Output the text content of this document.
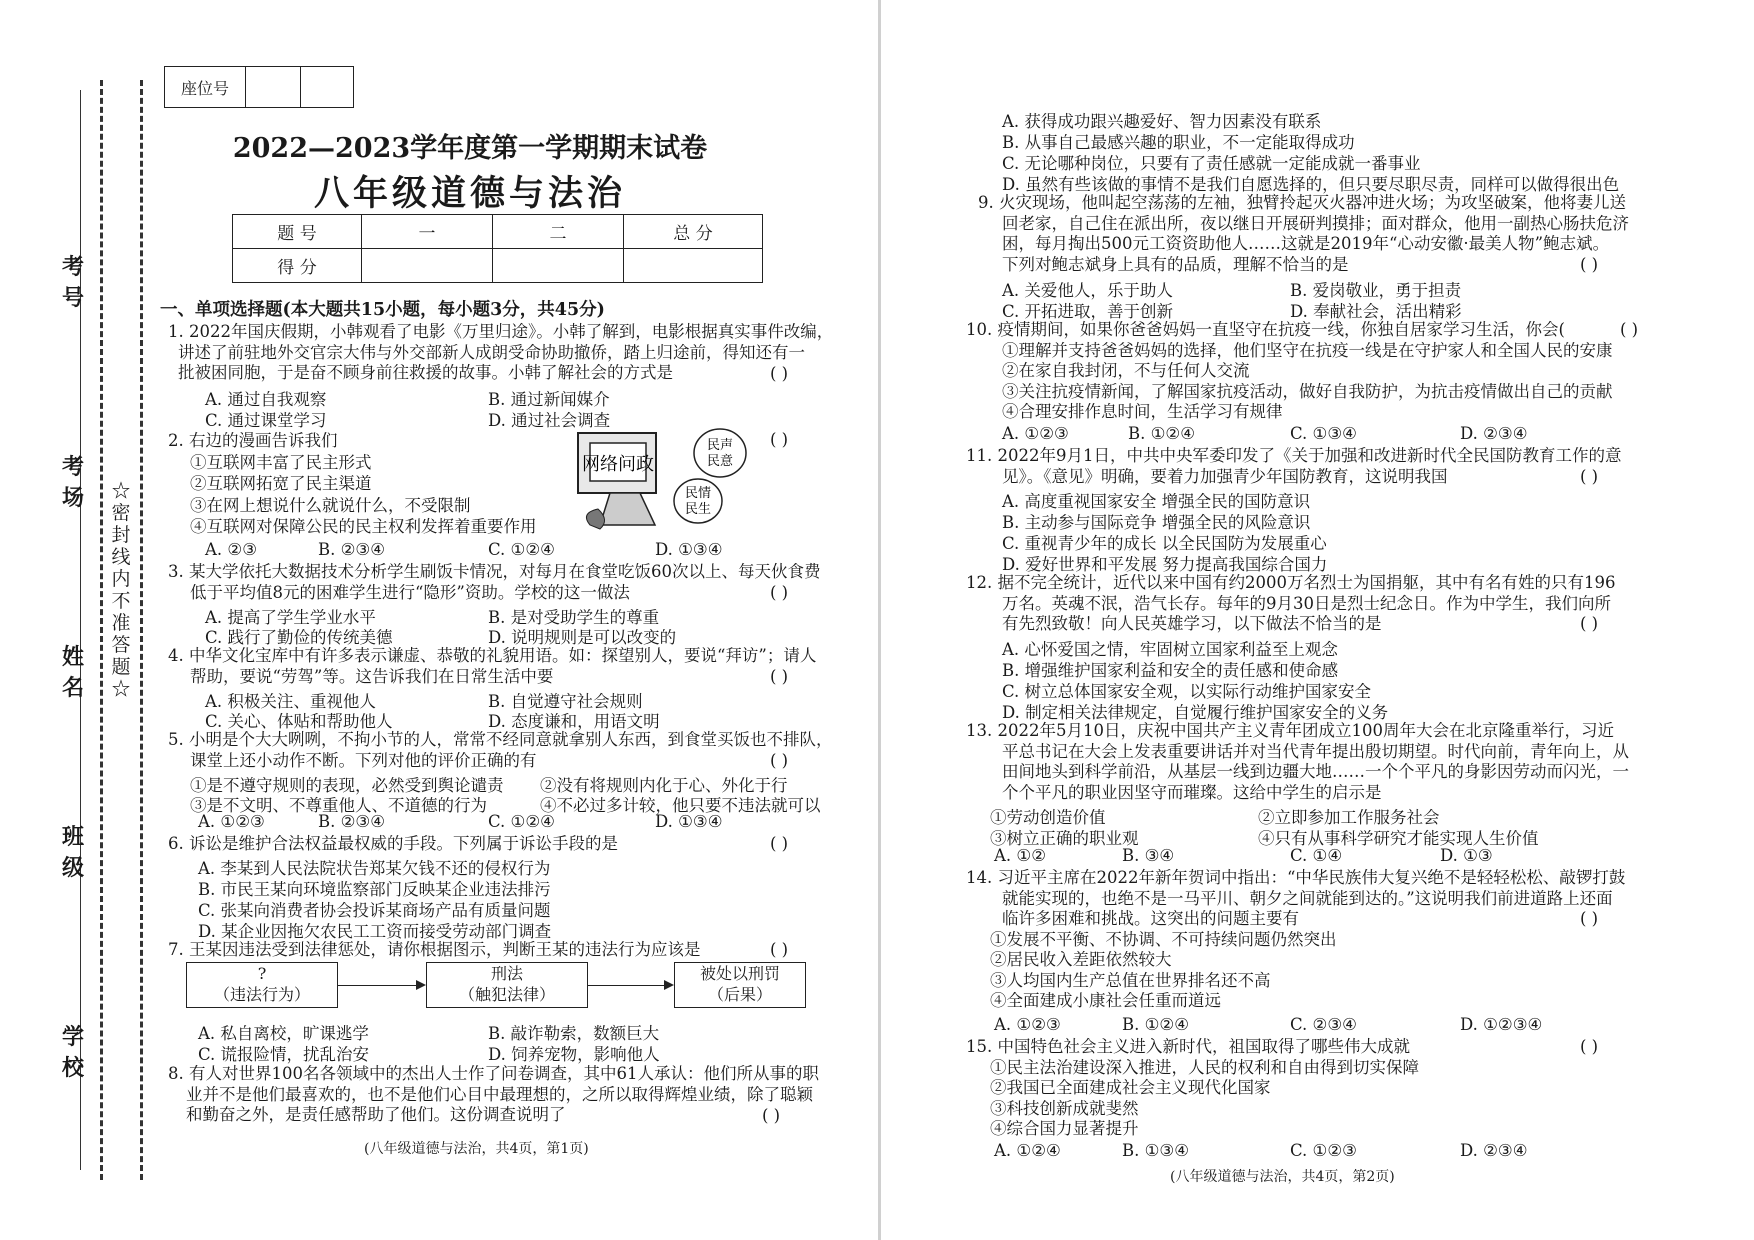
考号
考场
姓名
班级
学校
☆密封线内不准答题☆
座位号		
2022—2023学年度第一学期期末试卷
八年级道德与法治
题 号	一	二	总 分
得 分			
一、单项选择题(本大题共15小题，每小题3分，共45分)
1. 2022年国庆假期，小韩观看了电影《万里归途》。小韩了解到，电影根据真实事件改编，
讲述了前驻地外交官宗大伟与外交部新人成朗受命协助撤侨，踏上归途前，得知还有一
批被困同胞，于是奋不顾身前往救援的故事。小韩了解社会的方式是	( )
A. 通过自我观察	B. 通过新闻媒介
C. 通过课堂学习	D. 通过社会调查
2. 右边的漫画告诉我们
①互联网丰富了民主形式
②互联网拓宽了民主渠道
③在网上想说什么就说什么，不受限制
④互联网对保障公民的民主权利发挥着重要作用
( )
网络问政
民声
民意
民情
民生
A. ②③	B. ②③④	C. ①②④	D. ①③④
3. 某大学依托大数据技术分析学生刷饭卡情况，对每月在食堂吃饭60次以上、每天伙食费
低于平均值8元的困难学生进行“隐形”资助。学校的这一做法	( )
A. 提高了学生学业水平	B. 是对受助学生的尊重
C. 践行了勤俭的传统美德	D. 说明规则是可以改变的
4. 中华文化宝库中有许多表示谦虚、恭敬的礼貌用语。如：探望别人，要说“拜访”；请人
帮助，要说“劳驾”等。这告诉我们在日常生活中要	( )
A. 积极关注、重视他人	B. 自觉遵守社会规则
C. 关心、体贴和帮助他人	D. 态度谦和，用语文明
5. 小明是个大大咧咧，不拘小节的人，常常不经同意就拿别人东西，到食堂买饭也不排队，
课堂上还小动作不断。下列对他的评价正确的有	( )
①是不遵守规则的表现，必然受到舆论谴责 ②没有将规则内化于心、外化于行
③是不文明、不尊重他人、不道德的行为	④不必过多计较，他只要不违法就可以
A. ①②③	B. ②③④	C. ①②④	D. ①③④
6. 诉讼是维护合法权益最权威的手段。下列属于诉讼手段的是	( )
A. 李某到人民法院状告郑某欠钱不还的侵权行为
B. 市民王某向环境监察部门反映某企业违法排污
C. 张某向消费者协会投诉某商场产品有质量问题
D. 某企业因拖欠农民工工资而接受劳动部门调查
7. 王某因违法受到法律惩处，请你根据图示，判断王某的违法行为应该是	( )
?
（违法行为）
刑法
（触犯法律）
被处以刑罚
（后果）
A. 私自离校，旷课逃学	B. 敲诈勒索，数额巨大
C. 谎报险情，扰乱治安	D. 饲养宠物，影响他人
8. 有人对世界100名各领域中的杰出人士作了问卷调查，其中61人承认：他们所从事的职
业并不是他们最喜欢的，也不是他们心目中最理想的，之所以取得辉煌业绩，除了聪颖
和勤奋之外，是责任感帮助了他们。这份调查说明了	( )
(八年级道德与法治，共4页，第1页)
A. 获得成功跟兴趣爱好、智力因素没有联系
B. 从事自己最感兴趣的职业，不一定能取得成功
C. 无论哪种岗位，只要有了责任感就一定能成就一番事业
D. 虽然有些该做的事情不是我们自愿选择的，但只要尽职尽责，同样可以做得很出色
9. 火灾现场，他叫起空荡荡的左袖，独臂拎起灭火器冲进火场；为攻坚破案，他将妻儿送
回老家，自己住在派出所，夜以继日开展研判摸排；面对群众，他用一副热心肠扶危济
困，每月掏出500元工资资助他人……这就是2019年“心动安徽·最美人物”鲍志斌。
下列对鲍志斌身上具有的品质，理解不恰当的是	( )
A. 关爱他人，乐于助人	B. 爱岗敬业，勇于担责
C. 开拓进取，善于创新	D. 奉献社会，活出精彩
10. 疫情期间，如果你爸爸妈妈一直坚守在抗疫一线，你独自居家学习生活，你会(
①理解并支持爸爸妈妈的选择，他们坚守在抗疫一线是在守护家人和全国人民的安康
②在家自我封闭，不与任何人交流
③关注抗疫情新闻，了解国家抗疫活动，做好自我防护，为抗击疫情做出自己的贡献
④合理安排作息时间，生活学习有规律
( )
A. ①②③	B. ①②④	C. ①③④	D. ②③④
11. 2022年9月1日，中共中央军委印发了《关于加强和改进新时代全民国防教育工作的意
见》。《意见》明确，要着力加强青少年国防教育，这说明我国	( )
A. 高度重视国家安全 增强全民的国防意识
B. 主动参与国际竞争 增强全民的风险意识
C. 重视青少年的成长 以全民国防为发展重心
D. 爱好世界和平发展 努力提高我国综合国力
12. 据不完全统计，近代以来中国有约2000万名烈士为国捐躯，其中有名有姓的只有196
万名。英魂不泯，浩气长存。每年的9月30日是烈士纪念日。作为中学生，我们向所
有先烈致敬！向人民英雄学习，以下做法不恰当的是	( )
A. 心怀爱国之情，牢固树立国家利益至上观念
B. 增强维护国家利益和安全的责任感和使命感
C. 树立总体国家安全观，以实际行动维护国家安全
D. 制定相关法律规定，自觉履行维护国家安全的义务
13. 2022年5月10日，庆祝中国共产主义青年团成立100周年大会在北京隆重举行，习近
平总书记在大会上发表重要讲话并对当代青年提出殷切期望。时代向前，青年向上，从
田间地头到科学前沿，从基层一线到边疆大地……一个个平凡的身影因劳动而闪光，一
个个平凡的职业因坚守而璀璨。这给中学生的启示是
①劳动创造价值	②立即参加工作服务社会
③树立正确的职业观	④只有从事科学研究才能实现人生价值
A. ①②	B. ③④	C. ①④	D. ①③
14. 习近平主席在2022年新年贺词中指出：“中华民族伟大复兴绝不是轻轻松松、敲锣打鼓
就能实现的，也绝不是一马平川、朝夕之间就能到达的。”这说明我们前进道路上还面
临许多困难和挑战。这突出的问题主要有
①发展不平衡、不协调、不可持续问题仍然突出
②居民收入差距依然较大
③人均国内生产总值在世界排名还不高
④全面建成小康社会任重而道远
( )
A. ①②③	B. ①②④	C. ②③④	D. ①②③④
15. 中国特色社会主义进入新时代，祖国取得了哪些伟大成就
①民主法治建设深入推进，人民的权利和自由得到切实保障
②我国已全面建成社会主义现代化国家
③科技创新成就斐然
④综合国力显著提升
( )
A. ①②④	B. ①③④	C. ①②③	D. ②③④
(八年级道德与法治，共4页，第2页)
